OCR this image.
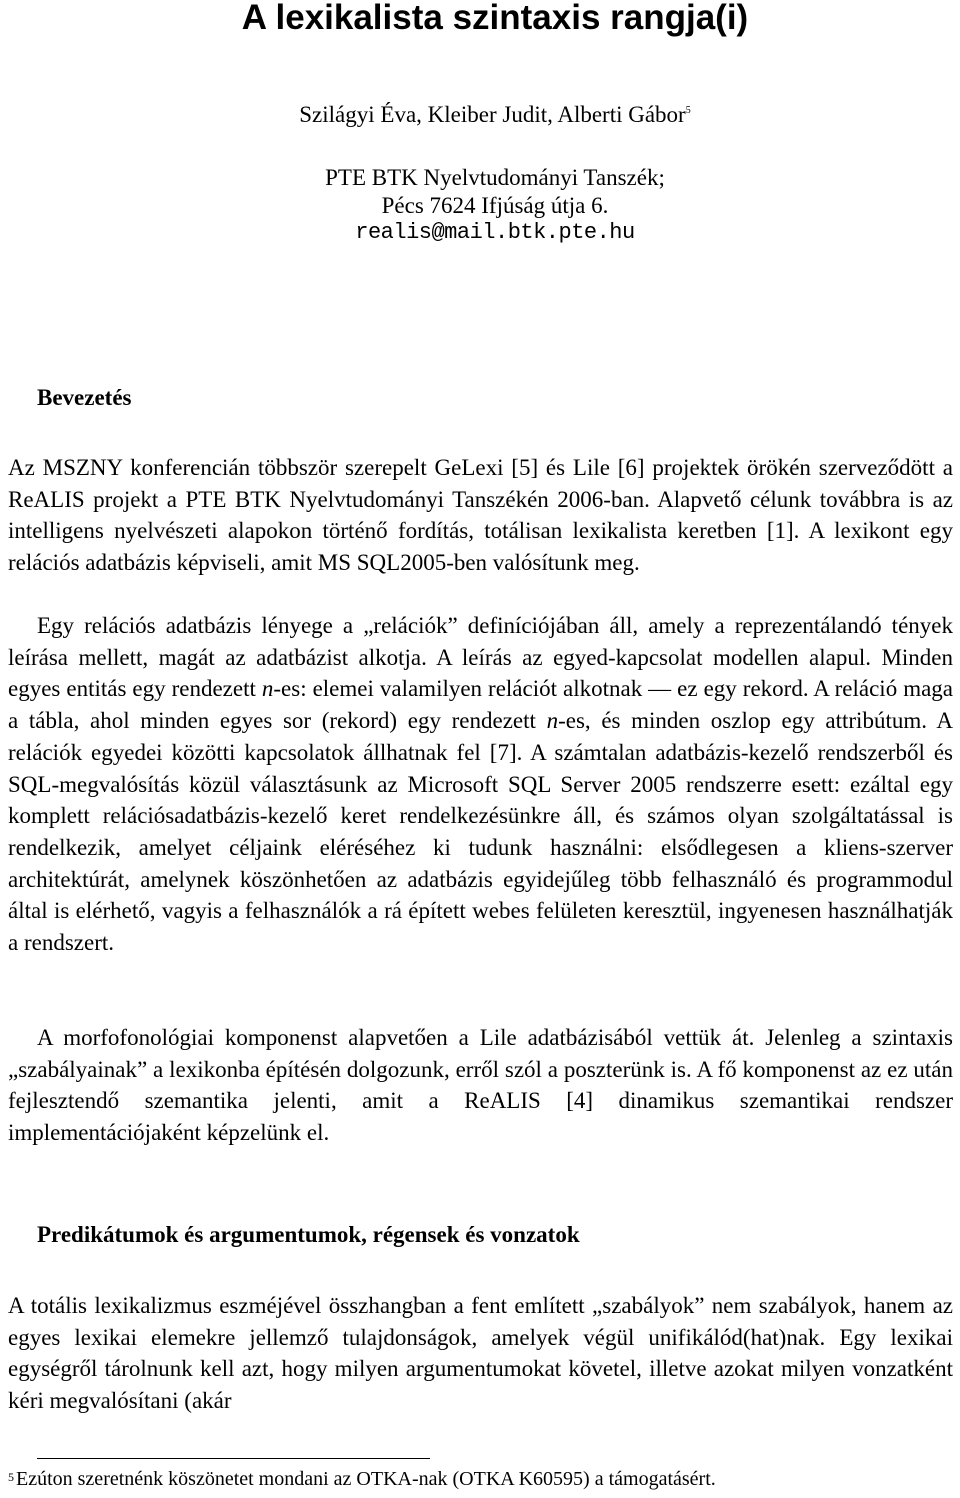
A lexikalista szintaxis rangja(i)
Szilágyi Éva, Kleiber Judit, Alberti Gábor$^5$
PTE BTK Nyelvtudományi Tanszék;
Pécs 7624 Ifjúság útja 6.
realis@mail.btk.pte.hu
Bevezetés

Az MSZNY konferencián többször szerepelt GeLexi [5] és Lile [6] projektek örökén szerveződött a ReALIS projekt a PTE BTK Nyelvtudományi Tanszékén 2006-ban. Alapvető célunk továbbra is az intelligens nyelvészeti alapokon történő fordítás, totálisan lexikalista keretben [1]. A lexikont egy relációs adatbázis képviseli, amit MS SQL2005-ben valósítunk meg.

Egy relációs adatbázis lényege a „relációk” definíciójában áll, amely a reprezentálandó tények leírása mellett, magát az adatbázist alkotja. A leírás az egyed-kapcsolat modellen alapul. Minden egyes entitás egy rendezett n-es: elemei valamilyen relációt alkotnak — ez egy rekord. A reláció maga a tábla, ahol minden egyes sor (rekord) egy rendezett n-es, és minden oszlop egy attribútum. A relációk egyedei közötti kapcsolatok állhatnak fel [7]. A számtalan adatbázis-kezelő rendszerből és SQL-megvalósítás közül választásunk az Microsoft SQL Server 2005 rendszerre esett: ezáltal egy komplett relációsadatbázis-kezelő keret rendelkezésünkre áll, és számos olyan szolgáltatással is rendelkezik, amelyet céljaink eléréséhez ki tudunk használni: elsődlegesen a kliens-szerver architektúrát, amelynek köszönhetően az adatbázis egyidejűleg több felhasználó és programmodul által is elérhető, vagyis a felhasználók a rá épített webes felületen keresztül, ingyenesen használhatják a rendszert.

A morfofonológiai komponenst alapvetően a Lile adatbázisából vettük át. Jelenleg a szintaxis „szabályainak” a lexikonba építésén dolgozunk, erről szól a poszterünk is. A fő komponenst az ez után fejlesztendő szemantika jelenti, amit a ReALIS [4] dinamikus szemantikai rendszer implementációjaként képzelünk el.

Predikátumok és argumentumok, régensek és vonzatok

A totális lexikalizmus eszméjével összhangban a fent említett „szabályok” nem szabályok, hanem az egyes lexikai elemekre jellemző tulajdonságok, amelyek végül unifikálód(hat)nak. Egy lexikai egységről tárolnunk kell azt, hogy milyen argumentumokat követel, illetve azokat milyen vonzatként kéri megvalósítani (akár

$^5$ Ezúton szeretnénk köszönetet mondani az OTKA-nak (OTKA K60595) a támogatásért.
